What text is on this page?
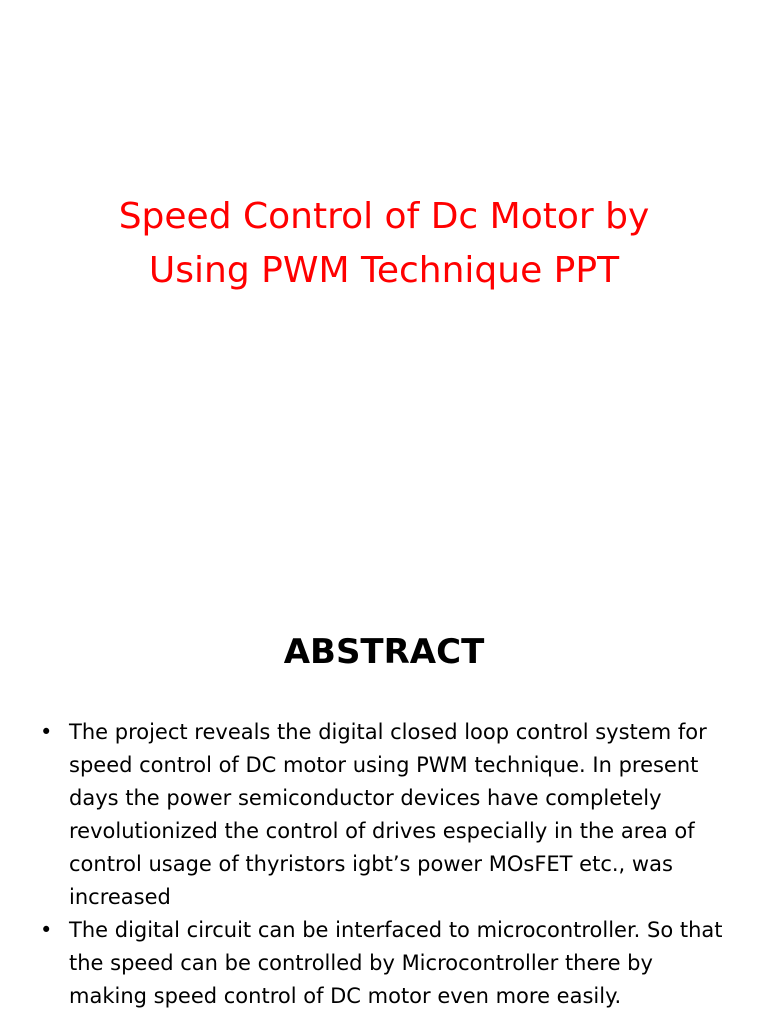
Speed Control of Dc Motor by
Using PWM Technique PPT
ABSTRACT
• The project reveals the digital closed loop control system for speed control of DC motor using PWM technique. In present days the power semiconductor devices have completely revolutionized the control of drives especially in the area of control usage of thyristors igbt’s power MOsFET etc., was increased
• The digital circuit can be interfaced to microcontroller. So that the speed can be controlled by Microcontroller there by making speed control of DC motor even more easily.
